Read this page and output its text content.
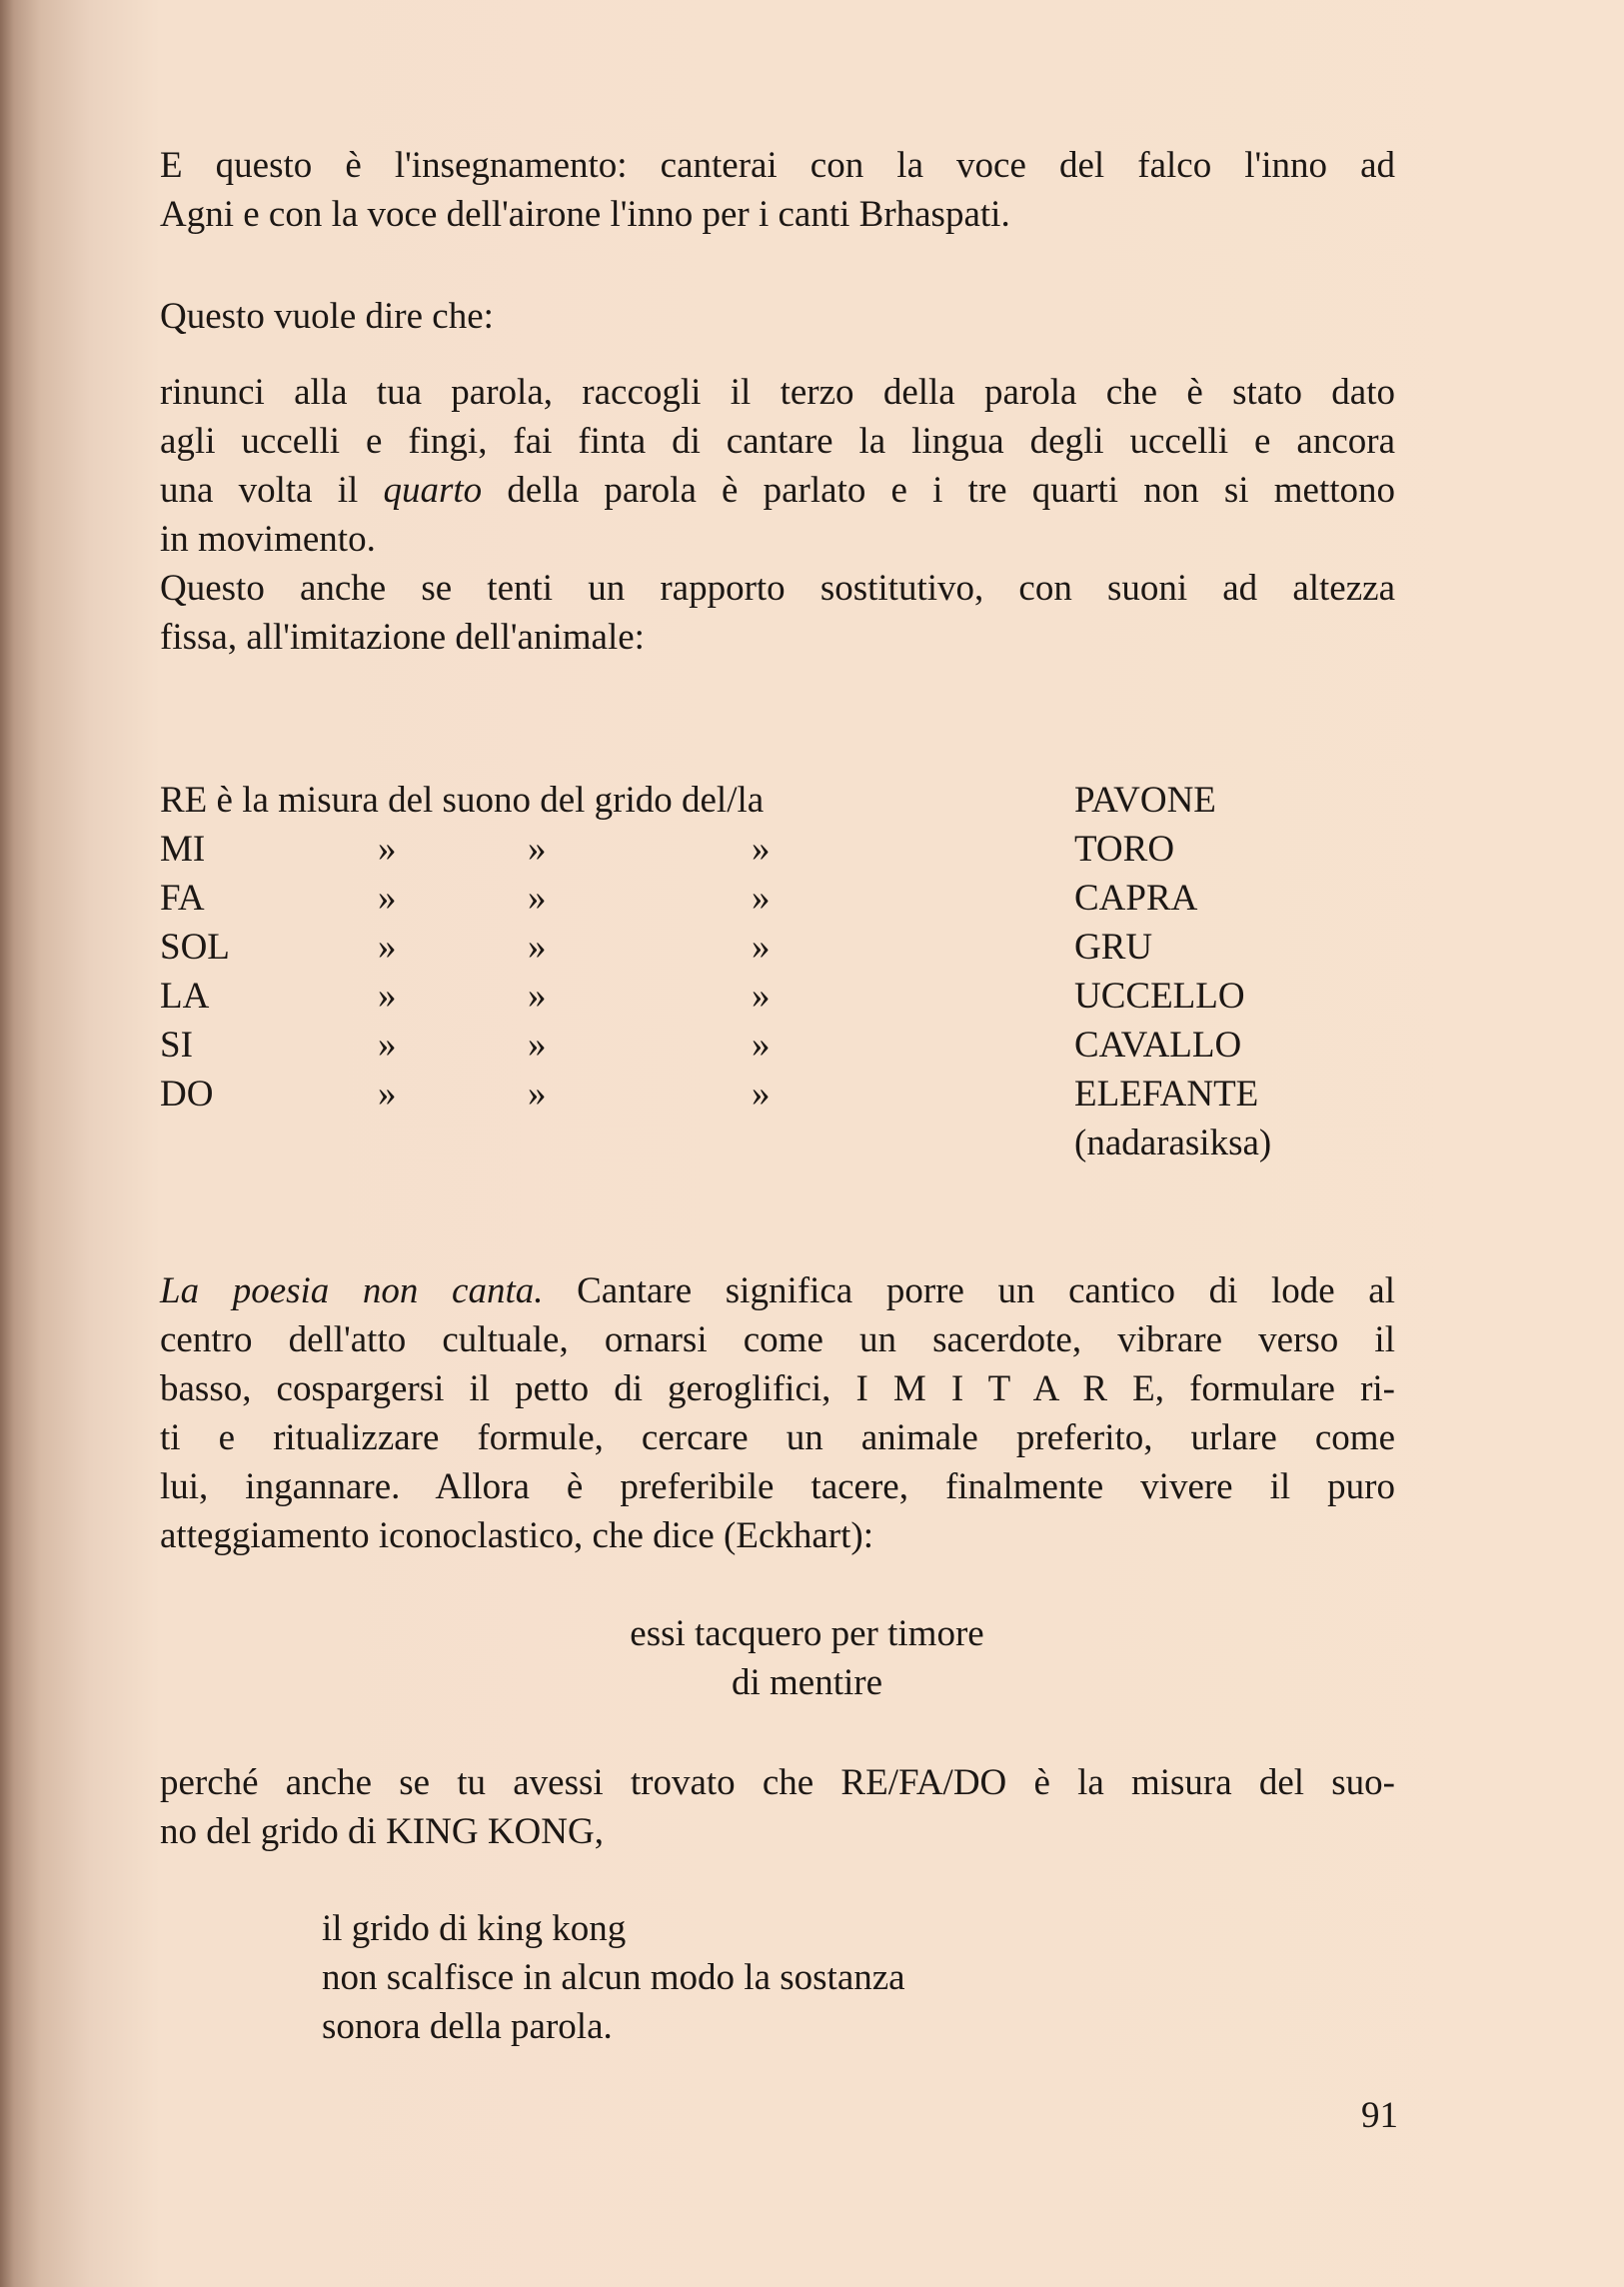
E questo è l'insegnamento: canterai con la voce del falco l'inno ad
Agni e con la voce dell'airone l'inno per i canti Brhaspati.

Questo vuole dire che:

rinunci alla tua parola, raccogli il terzo della parola che è stato dato
agli uccelli e fingi, fai finta di cantare la lingua degli uccelli e ancora
una volta il quarto della parola è parlato e i tre quarti non si mettono
in movimento.
Questo anche se tenti un rapporto sostitutivo, con suoni ad altezza
fissa, all'imitazione dell'animale:

RE è la misura del suono del grido del/la	PAVONE
MI	»	»	»	TORO
FA	»	»	»	CAPRA
SOL	»	»	»	GRU
LA	»	»	»	UCCELLO
SI	»	»	»	CAVALLO
DO	»	»	»	ELEFANTE
(nadarasiksa)

La poesia non canta. Cantare significa porre un cantico di lode al
centro dell'atto cultuale, ornarsi come un sacerdote, vibrare verso il
basso, cospargersi il petto di geroglifici, I M I T A R E, formulare ri-
ti e ritualizzare formule, cercare un animale preferito, urlare come
lui, ingannare. Allora è preferibile tacere, finalmente vivere il puro
atteggiamento iconoclastico, che dice (Eckhart):

essi tacquero per timore
di mentire

perché anche se tu avessi trovato che RE/FA/DO è la misura del suo-
no del grido di KING KONG,

il grido di king kong
non scalfisce in alcun modo la sostanza
sonora della parola.

91
